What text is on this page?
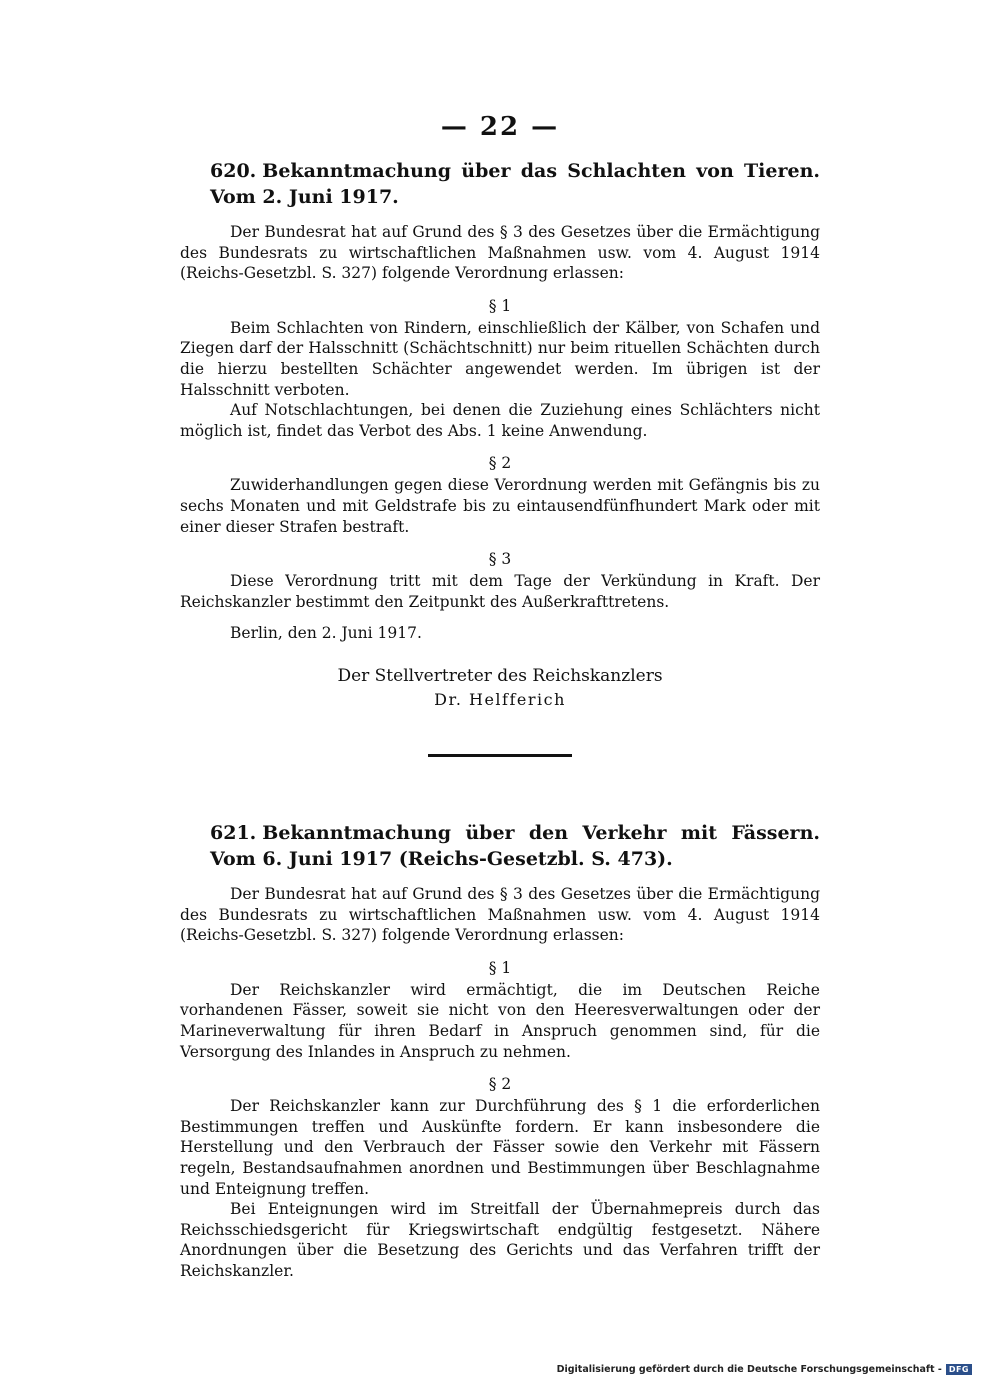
— 22 —

620. Bekanntmachung über das Schlachten von Tieren. Vom 2. Juni 1917.

Der Bundesrat hat auf Grund des § 3 des Gesetzes über die Ermächtigung des Bundesrats zu wirtschaftlichen Maßnahmen usw. vom 4. August 1914 (Reichs-Gesetzbl. S. 327) folgende Verordnung erlassen:

§ 1

Beim Schlachten von Rindern, einschließlich der Kälber, von Schafen und Ziegen darf der Halsschnitt (Schächtschnitt) nur beim rituellen Schächten durch die hierzu bestellten Schächter angewendet werden. Im übrigen ist der Halsschnitt verboten.

Auf Notschlachtungen, bei denen die Zuziehung eines Schlächters nicht möglich ist, findet das Verbot des Abs. 1 keine Anwendung.

§ 2

Zuwiderhandlungen gegen diese Verordnung werden mit Gefängnis bis zu sechs Monaten und mit Geldstrafe bis zu eintausendfünfhundert Mark oder mit einer dieser Strafen bestraft.

§ 3

Diese Verordnung tritt mit dem Tage der Verkündung in Kraft. Der Reichskanzler bestimmt den Zeitpunkt des Außerkrafttretens.

Berlin, den 2. Juni 1917.

Der Stellvertreter des Reichskanzlers

Dr. Helfferich

621. Bekanntmachung über den Verkehr mit Fässern. Vom 6. Juni 1917 (Reichs-Gesetzbl. S. 473).

Der Bundesrat hat auf Grund des § 3 des Gesetzes über die Ermächtigung des Bundesrats zu wirtschaftlichen Maßnahmen usw. vom 4. August 1914 (Reichs-Gesetzbl. S. 327) folgende Verordnung erlassen:

§ 1

Der Reichskanzler wird ermächtigt, die im Deutschen Reiche vorhandenen Fässer, soweit sie nicht von den Heeresverwaltungen oder der Marineverwaltung für ihren Bedarf in Anspruch genommen sind, für die Versorgung des Inlandes in Anspruch zu nehmen.

§ 2

Der Reichskanzler kann zur Durchführung des § 1 die erforderlichen Bestimmungen treffen und Auskünfte fordern. Er kann insbesondere die Herstellung und den Verbrauch der Fässer sowie den Verkehr mit Fässern regeln, Bestandsaufnahmen anordnen und Bestimmungen über Beschlagnahme und Enteignung treffen.

Bei Enteignungen wird im Streitfall der Übernahmepreis durch das Reichsschiedsgericht für Kriegswirtschaft endgültig festgesetzt. Nähere Anordnungen über die Besetzung des Gerichts und das Verfahren trifft der Reichskanzler.

Digitalisierung gefördert durch die Deutsche Forschungsgemeinschaft - DFG
